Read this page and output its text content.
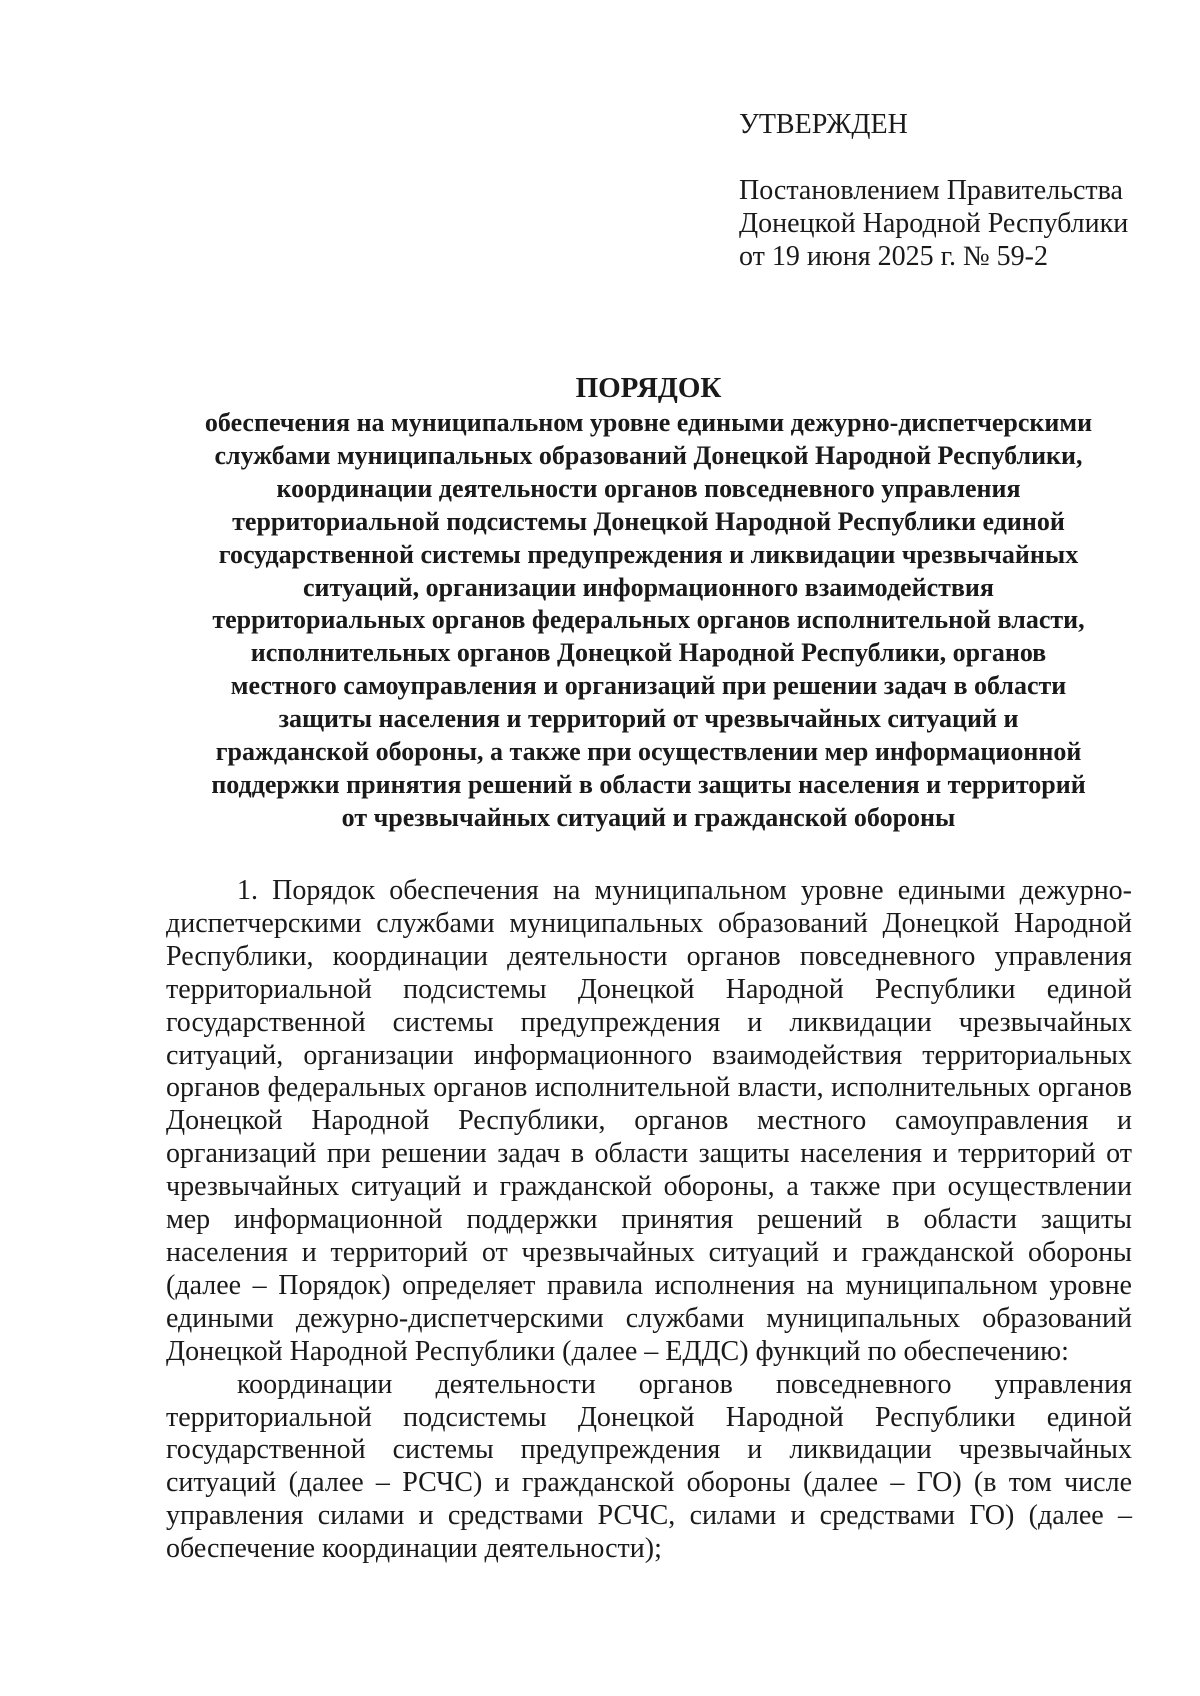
УТВЕРЖДЕН
Постановлением Правительства
Донецкой Народной Республики
от 19 июня 2025 г. № 59-2
ПОРЯДОК
обеспечения на муниципальном уровне едиными дежурно-диспетчерскими
службами муниципальных образований Донецкой Народной Республики,
координации деятельности органов повседневного управления
территориальной подсистемы Донецкой Народной Республики единой
государственной системы предупреждения и ликвидации чрезвычайных
ситуаций, организации информационного взаимодействия
территориальных органов федеральных органов исполнительной власти,
исполнительных органов Донецкой Народной Республики, органов
местного самоуправления и организаций при решении задач в области
защиты населения и территорий от чрезвычайных ситуаций и
гражданской обороны, а также при осуществлении мер информационной
поддержки принятия решений в области защиты населения и территорий
от чрезвычайных ситуаций и гражданской обороны

1. Порядок обеспечения на муниципальном уровне едиными дежурно-диспетчерскими службами муниципальных образований Донецкой Народной Республики, координации деятельности органов повседневного управления территориальной подсистемы Донецкой Народной Республики единой государственной системы предупреждения и ликвидации чрезвычайных ситуаций, организации информационного взаимодействия территориальных органов федеральных органов исполнительной власти, исполнительных органов Донецкой Народной Республики, органов местного самоуправления и организаций при решении задач в области защиты населения и территорий от чрезвычайных ситуаций и гражданской обороны, а также при осуществлении мер информационной поддержки принятия решений в области защиты населения и территорий от чрезвычайных ситуаций и гражданской обороны (далее – Порядок) определяет правила исполнения на муниципальном уровне едиными дежурно-диспетчерскими службами муниципальных образований Донецкой Народной Республики (далее – ЕДДС) функций по обеспечению:

координации деятельности органов повседневного управления территориальной подсистемы Донецкой Народной Республики единой государственной системы предупреждения и ликвидации чрезвычайных ситуаций (далее – РСЧС) и гражданской обороны (далее – ГО) (в том числе управления силами и средствами РСЧС, силами и средствами ГО) (далее – обеспечение координации деятельности);
